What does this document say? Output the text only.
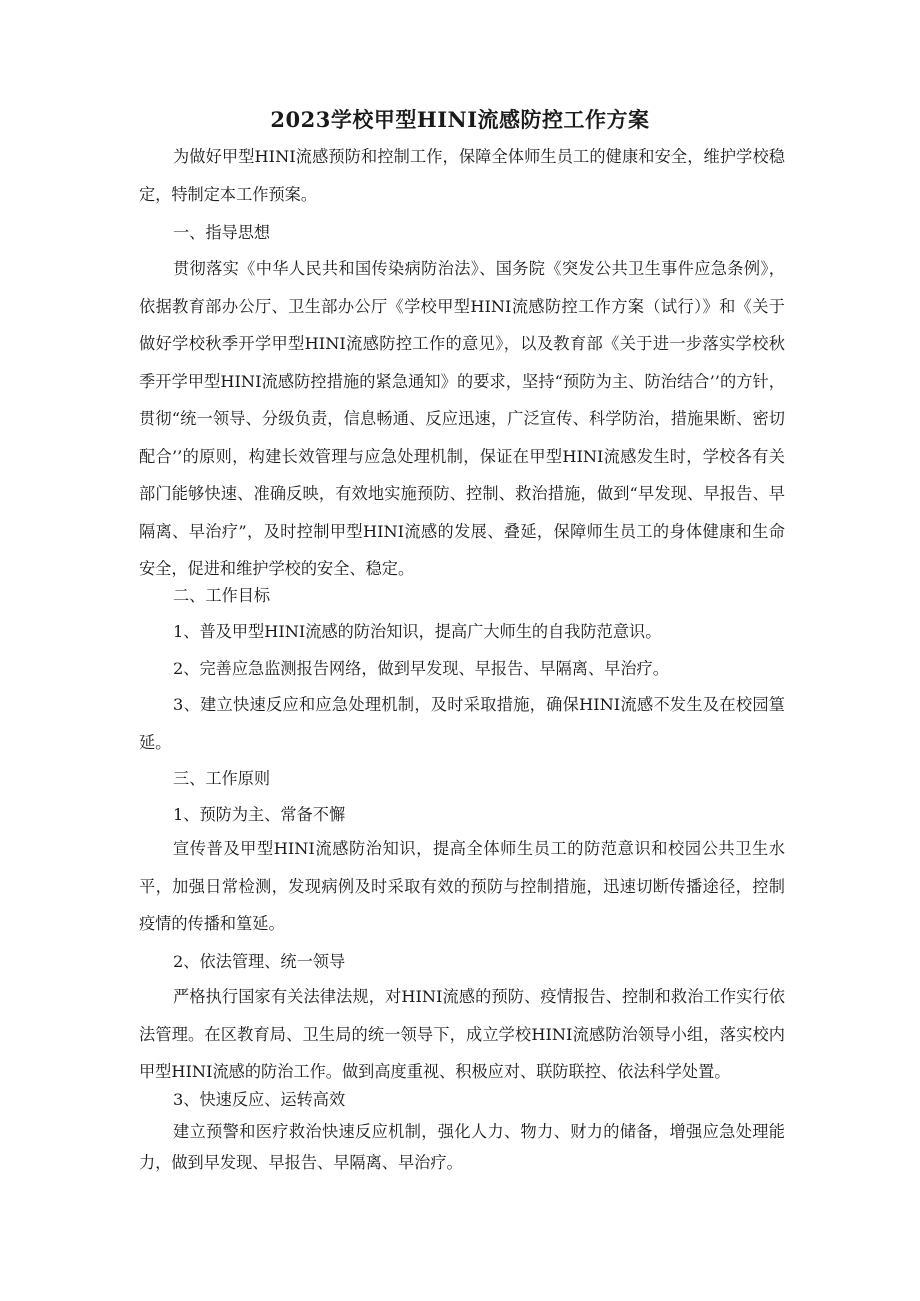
2023学校甲型HINI流感防控工作方案
为做好甲型HINI流感预防和控制工作，保障全体师生员工的健康和安全，维护学校稳定，特制定本工作预案。
一、指导思想
贯彻落实《中华人民共和国传染病防治法》、国务院《突发公共卫生事件应急条例》，依据教育部办公厅、卫生部办公厅《学校甲型HINI流感防控工作方案（试行）》和《关于做好学校秋季开学甲型HINI流感防控工作的意见》，以及教育部《关于进一步落实学校秋季开学甲型HINI流感防控措施的紧急通知》的要求，坚持“预防为主、防治结合’’的方针，贯彻“统一领导、分级负责，信息畅通、反应迅速，广泛宣传、科学防治，措施果断、密切配合’’的原则，构建长效管理与应急处理机制，保证在甲型HINI流感发生时，学校各有关部门能够快速、准确反映，有效地实施预防、控制、救治措施，做到“早发现、早报告、早隔离、早治疗”，及时控制甲型HINI流感的发展、叠延，保障师生员工的身体健康和生命安全，促进和维护学校的安全、稳定。
二、工作目标
1、普及甲型HINI流感的防治知识，提高广大师生的自我防范意识。
2、完善应急监测报告网络，做到早发现、早报告、早隔离、早治疗。
3、建立快速反应和应急处理机制，及时采取措施，确保HINI流感不发生及在校园篁延。
三、工作原则
1、预防为主、常备不懈
宣传普及甲型HINI流感防治知识，提高全体师生员工的防范意识和校园公共卫生水平，加强日常检测，发现病例及时采取有效的预防与控制措施，迅速切断传播途径，控制疫情的传播和篁延。
2、依法管理、统一领导
严格执行国家有关法律法规，对HINI流感的预防、疫情报告、控制和救治工作实行依法管理。在区教育局、卫生局的统一领导下，成立学校HINI流感防治领导小组，落实校内甲型HINI流感的防治工作。做到高度重视、积极应对、联防联控、依法科学处置。
3、快速反应、运转高效
建立预警和医疗救治快速反应机制，强化人力、物力、财力的储备，增强应急处理能力，做到早发现、早报告、早隔离、早治疗。
